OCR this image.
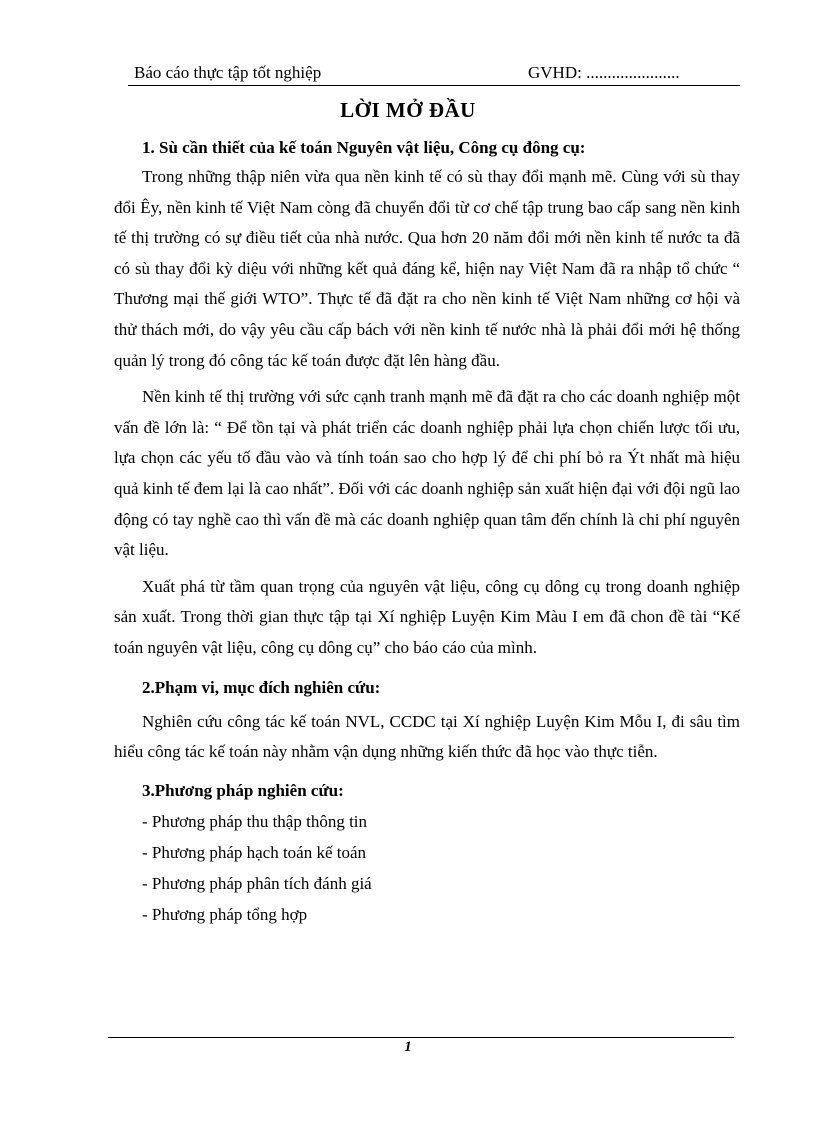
Báo cáo thực tập tốt nghiệp	GVHD: ......................
LỜI MỞ ĐẦU

1. Sù cần thiết của kế toán Nguyên vật liệu, Công cụ đông cụ:

Trong những thập niên vừa qua nền kinh tế có sù thay đổi mạnh mẽ. Cùng với sù thay đổi Êy, nền kinh tế Việt Nam còng đã chuyển đổi từ cơ chế tập trung bao cấp sang nền kinh tế thị trường có sự điều tiết của nhà nước. Qua hơn 20 năm đổi mới nền kinh tế nước ta đã có sù thay đổi kỳ diệu với những kết quả đáng kể, hiện nay Việt Nam đã ra nhập tổ chức “ Thương mại thế giới WTO”. Thực tế đã đặt ra cho nền kinh tế Việt Nam những cơ hội và thử thách mới, do vậy yêu cầu cấp bách với nền kinh tế nước nhà là phải đổi mới hệ thống quản lý trong đó công tác kế toán được đặt lên hàng đầu.

Nền kinh tế thị trường với sức cạnh tranh mạnh mẽ đã đặt ra cho các doanh nghiệp một vấn đề lớn là: “ Để tồn tại và phát triển các doanh nghiệp phải lựa chọn chiến lược tối ưu, lựa chọn các yếu tố đầu vào và tính toán sao cho hợp lý để chi phí bỏ ra Ýt nhất mà hiệu quả kinh tế đem lại là cao nhất”. Đối với các doanh nghiệp sản xuất hiện đại với đội ngũ lao động có tay nghề cao thì vấn đề mà các doanh nghiệp quan tâm đến chính là chi phí nguyên vật liệu.

Xuất phá từ tầm quan trọng của nguyên vật liệu, công cụ dông cụ trong doanh nghiệp sản xuất. Trong thời gian thực tập tại Xí nghiệp Luyện Kim Màu I em đã chon đề tài “Kế toán nguyên vật liệu, công cụ dông cụ” cho báo cáo của mình.

2.Phạm vi, mục đích nghiên cứu:

Nghiên cứu công tác kế toán NVL, CCDC tại Xí nghiệp Luyện Kim Mỗu I, đi sâu tìm hiểu công tác kế toán này nhằm vận dụng những kiến thức đã học vào thực tiễn.

3.Phương pháp nghiên cứu:

- Phương pháp thu thập thông tin

- Phương pháp hạch toán kế toán

- Phương pháp phân tích đánh giá

- Phương pháp tổng hợp

1
